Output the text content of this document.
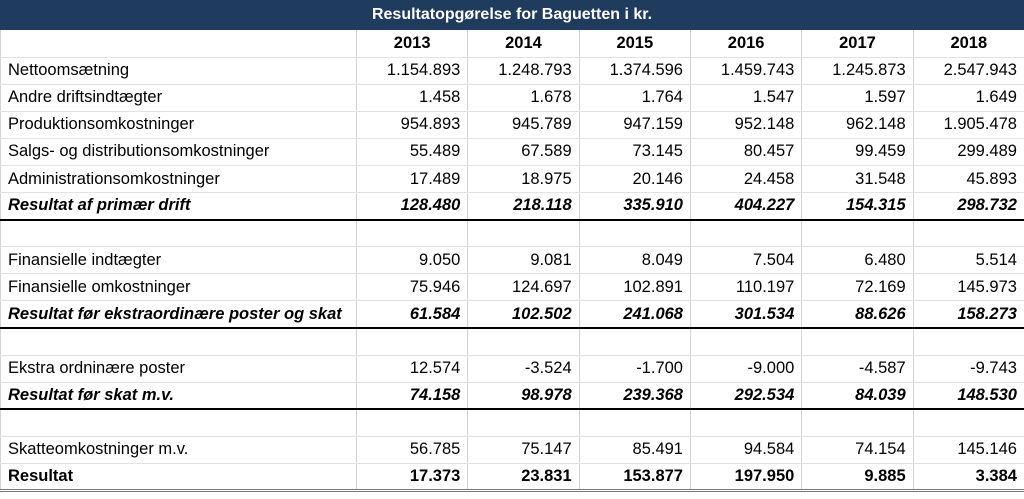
Resultatopgørelse for Baguetten i kr.
	2013	2014	2015	2016	2017	2018
Nettoomsætning	1.154.893	1.248.793	1.374.596	1.459.743	1.245.873	2.547.943
Andre driftsindtægter	1.458	1.678	1.764	1.547	1.597	1.649
Produktionsomkostninger	954.893	945.789	947.159	952.148	962.148	1.905.478
Salgs- og distributionsomkostninger	55.489	67.589	73.145	80.457	99.459	299.489
Administrationsomkostninger	17.489	18.975	20.146	24.458	31.548	45.893
Resultat af primær drift	128.480	218.118	335.910	404.227	154.315	298.732

Finansielle indtægter	9.050	9.081	8.049	7.504	6.480	5.514
Finansielle omkostninger	75.946	124.697	102.891	110.197	72.169	145.973
Resultat før ekstraordinære poster og skat	61.584	102.502	241.068	301.534	88.626	158.273

Ekstra ordninære poster	12.574	-3.524	-1.700	-9.000	-4.587	-9.743
Resultat før skat m.v.	74.158	98.978	239.368	292.534	84.039	148.530

Skatteomkostninger m.v.	56.785	75.147	85.491	94.584	74.154	145.146
Resultat	17.373	23.831	153.877	197.950	9.885	3.384
